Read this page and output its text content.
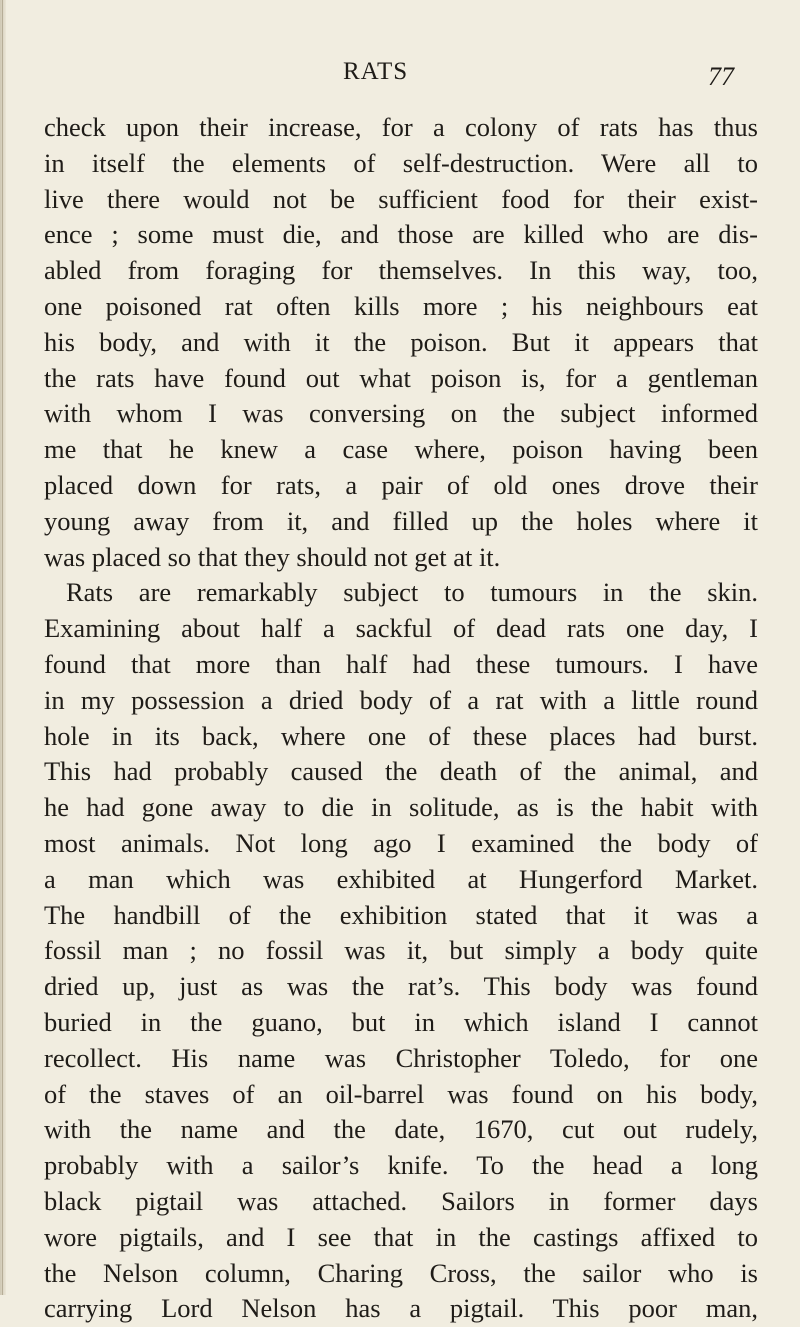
RATS	77
check upon their increase, for a colony of rats has thus
in itself the elements of self-destruction. Were all to
live there would not be sufficient food for their exist-
ence ; some must die, and those are killed who are dis-
abled from foraging for themselves. In this way, too,
one poisoned rat often kills more ; his neighbours eat
his body, and with it the poison. But it appears that
the rats have found out what poison is, for a gentleman
with whom I was conversing on the subject informed
me that he knew a case where, poison having been
placed down for rats, a pair of old ones drove their
young away from it, and filled up the holes where it
was placed so that they should not get at it.
Rats are remarkably subject to tumours in the skin.
Examining about half a sackful of dead rats one day, I
found that more than half had these tumours. I have
in my possession a dried body of a rat with a little round
hole in its back, where one of these places had burst.
This had probably caused the death of the animal, and
he had gone away to die in solitude, as is the habit with
most animals. Not long ago I examined the body of
a man which was exhibited at Hungerford Market.
The handbill of the exhibition stated that it was a
fossil man ; no fossil was it, but simply a body quite
dried up, just as was the rat’s. This body was found
buried in the guano, but in which island I cannot
recollect. His name was Christopher Toledo, for one
of the staves of an oil-barrel was found on his body,
with the name and the date, 1670, cut out rudely,
probably with a sailor’s knife. To the head a long
black pigtail was attached. Sailors in former days
wore pigtails, and I see that in the castings affixed to
the Nelson column, Charing Cross, the sailor who is
carrying Lord Nelson has a pigtail. This poor man,
